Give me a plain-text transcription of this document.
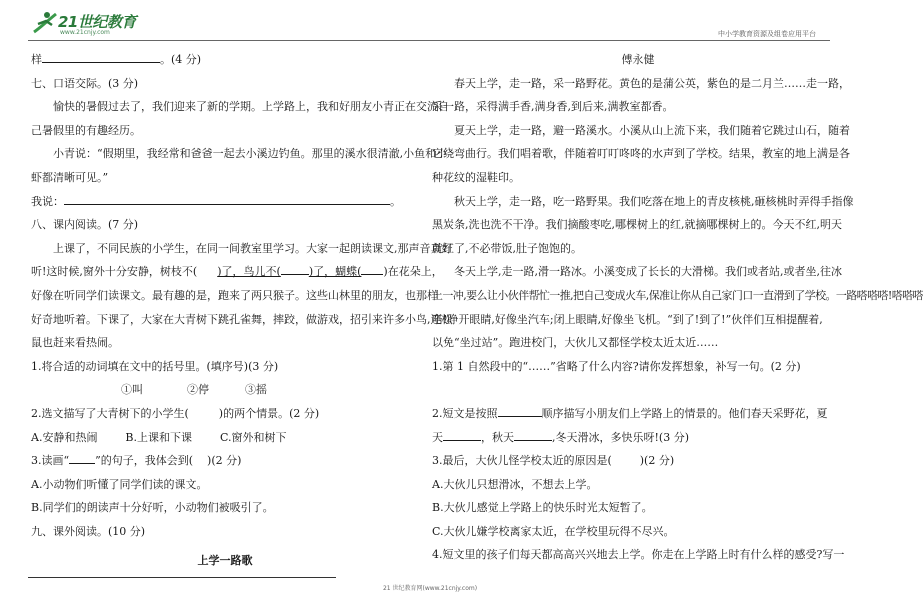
21世纪教育
www.21cnjy.com	中小学教育资源及组卷应用平台

样	。(4 分)

七、口语交际。(3 分)

愉快的暑假过去了，我们迎来了新的学期。上学路上，我和好朋友小青正在交流自

己暑假里的有趣经历。

小青说：“假期里，我经常和爸爸一起去小溪边钓鱼。那里的溪水很清澈,小鱼和小

虾都清晰可见。”

我说：	。

八、课内阅读。(7 分)

上课了，不同民族的小学生，在同一间教室里学习。大家一起朗读课文,那声音真好

听!这时候,窗外十分安静，树枝不( )了，鸟儿不(	)了，蝴蝶( )在花朵上，

好像在听同学们读课文。最有趣的是，跑来了两只猴子。这些山林里的朋友，也那样

好奇地听着。下课了，大家在大青树下跳孔雀舞，摔跤，做游戏，招引来许多小鸟,连松

鼠也赶来看热闹。

1.将合适的动词填在文中的括号里。(填序号)(3 分)

①叫	②停	③摇

2.选文描写了大青树下的小学生(	)的两个情景。(2 分)

A.安静和热闹        B.上课和下课        C.窗外和树下

3.读画“ ”的句子，我体会到( )(2 分)

A.小动物们听懂了同学们读的课文。

B.同学们的朗读声十分好听，小动物们被吸引了。

九、课外阅读。(10 分)

上学一路歌

傅永健

春天上学，走一路，采一路野花。黄色的是蒲公英，紫色的是二月兰……走一路，

采一路，采得满手香,满身香,到后来,满教室都香。

夏天上学，走一路，避一路溪水。小溪从山上流下来，我们随着它跳过山石，随着

它绕弯曲行。我们唱着歌，伴随着叮叮咚咚的水声到了学校。结果，教室的地上满是各

种花纹的湿鞋印。

秋天上学，走一路，吃一路野果。我们吃落在地上的青皮核桃,砸核桃时弄得手指像

黑炭条,洗也洗不干净。我们摘酸枣吃,哪棵树上的红,就摘哪棵树上的。今天不红,明天

就红了,不必带饭,肚子饱饱的。

冬天上学,走一路,滑一路冰。小溪变成了长长的大滑梯。我们或者站,或者坐,往冰

上一冲,要么让小伙伴帮忙一推,把自己变成火车,保准让你从自己家门口一直滑到了学校。一路嗒嗒嗒!嗒嗒嗒

嗒!睁开眼睛,好像坐汽车;闭上眼睛,好像坐飞机。“到了!到了!”伙伴们互相提醒着,

以免“坐过站”。跑进校门，大伙儿又都怪学校太近太近……

1.第 1 自然段中的“……”省略了什么内容?请你发挥想象，补写一句。(2 分)

2.短文是按照	顺序描写小朋友们上学路上的情景的。他们春天采野花，夏

天	，秋天	,冬天滑冰，多快乐呀!(3 分)

3.最后，大伙儿怪学校太近的原因是(        )(2 分)

A.大伙儿只想滑冰，不想去上学。

B.大伙儿感觉上学路上的快乐时光太短暂了。

C.大伙儿嫌学校离家太近，在学校里玩得不尽兴。

4.短文里的孩子们每天都高高兴兴地去上学。你走在上学路上时有什么样的感受?写一

21 世纪教育网(www.21cnjy.com)
